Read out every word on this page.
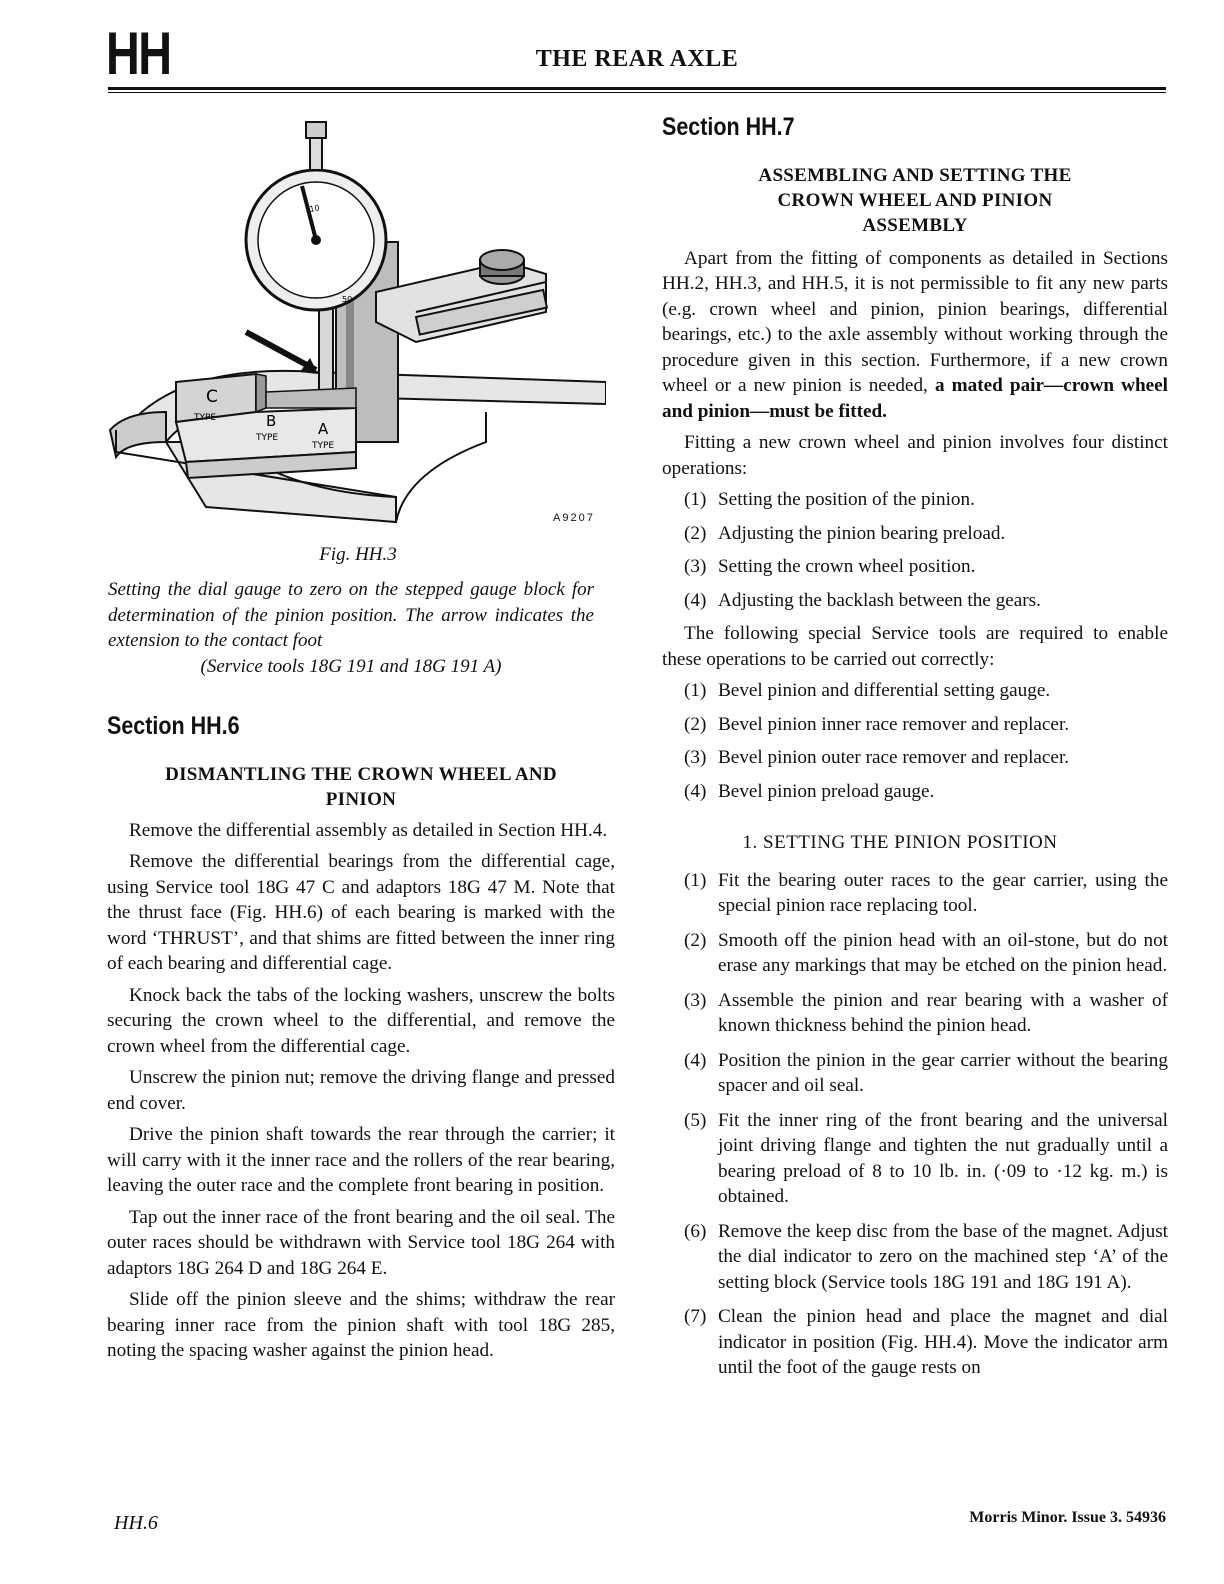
HH	THE REAR AXLE
10
50
C
TYPE	B
TYPE	A
TYPE
A9207
Fig. HH.3
Setting the dial gauge to zero on the stepped gauge block for determination of the pinion position. The arrow indicates the extension to the contact foot
(Service tools 18G 191 and 18G 191 A)
Section HH.6
DISMANTLING THE CROWN WHEEL AND
PINION

Remove the differential assembly as detailed in Section HH.4.

Remove the differential bearings from the differential cage, using Service tool 18G 47 C and adaptors 18G 47 M. Note that the thrust face (Fig. HH.6) of each bearing is marked with the word ‘THRUST’, and that shims are fitted between the inner ring of each bearing and differential cage.

Knock back the tabs of the locking washers, unscrew the bolts securing the crown wheel to the differential, and remove the crown wheel from the differential cage.

Unscrew the pinion nut; remove the driving flange and pressed end cover.

Drive the pinion shaft towards the rear through the carrier; it will carry with it the inner race and the rollers of the rear bearing, leaving the outer race and the complete front bearing in position.

Tap out the inner race of the front bearing and the oil seal. The outer races should be withdrawn with Service tool 18G 264 with adaptors 18G 264 D and 18G 264 E.

Slide off the pinion sleeve and the shims; withdraw the rear bearing inner race from the pinion shaft with tool 18G 285, noting the spacing washer against the pinion head.

Section HH.7
ASSEMBLING AND SETTING THE
CROWN WHEEL AND PINION
ASSEMBLY

Apart from the fitting of components as detailed in Sections HH.2, HH.3, and HH.5, it is not permissible to fit any new parts (e.g. crown wheel and pinion, pinion bearings, differential bearings, etc.) to the axle assembly without working through the procedure given in this section. Furthermore, if a new crown wheel or a new pinion is needed, a mated pair—crown wheel and pinion—must be fitted.

Fitting a new crown wheel and pinion involves four distinct operations:

(1) Setting the position of the pinion.
(2) Adjusting the pinion bearing preload.
(3) Setting the crown wheel position.
(4) Adjusting the backlash between the gears.

The following special Service tools are required to enable these operations to be carried out correctly:

(1) Bevel pinion and differential setting gauge.
(2) Bevel pinion inner race remover and replacer.
(3) Bevel pinion outer race remover and replacer.
(4) Bevel pinion preload gauge.
1. SETTING THE PINION POSITION
(1) Fit the bearing outer races to the gear carrier, using the special pinion race replacing tool.
(2) Smooth off the pinion head with an oil-stone, but do not erase any markings that may be etched on the pinion head.
(3) Assemble the pinion and rear bearing with a washer of known thickness behind the pinion head.
(4) Position the pinion in the gear carrier without the bearing spacer and oil seal.
(5) Fit the inner ring of the front bearing and the universal joint driving flange and tighten the nut gradually until a bearing preload of 8 to 10 lb. in. (·09 to ·12 kg. m.) is obtained.
(6) Remove the keep disc from the base of the magnet. Adjust the dial indicator to zero on the machined step ‘A’ of the setting block (Service tools 18G 191 and 18G 191 A).
(7) Clean the pinion head and place the magnet and dial indicator in position (Fig. HH.4). Move the indicator arm until the foot of the gauge rests on
HH.6	Morris Minor. Issue 3. 54936
